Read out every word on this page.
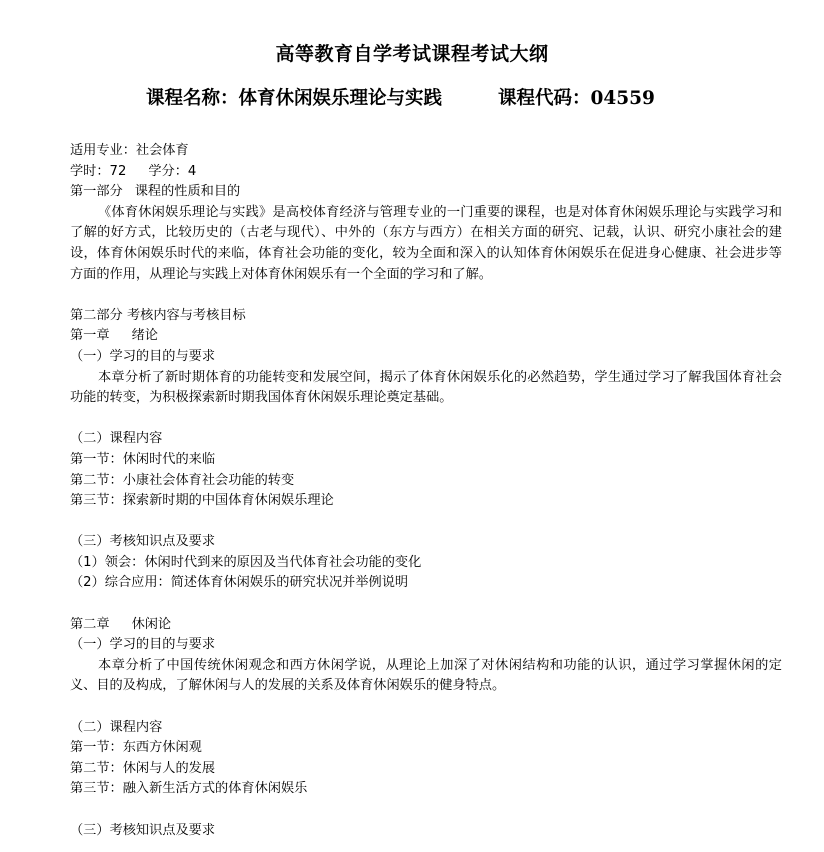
高等教育自学考试课程考试大纲
课程名称：体育休闲娱乐理论与实践	课程代码：04559
适用专业：社会体育
学时：72 学分：4
第一部分 课程的性质和目的
《体育休闲娱乐理论与实践》是高校体育经济与管理专业的一门重要的课程，也是对体育休闲娱乐理论与实践学习和了解的好方式，比较历史的（古老与现代）、中外的（东方与西方）在相关方面的研究、记载，认识、研究小康社会的建设，体育休闲娱乐时代的来临，体育社会功能的变化，较为全面和深入的认知体育休闲娱乐在促进身心健康、社会进步等方面的作用，从理论与实践上对体育休闲娱乐有一个全面的学习和了解。
第二部分 考核内容与考核目标
第一章 绪论
（一）学习的目的与要求
本章分析了新时期体育的功能转变和发展空间，揭示了体育休闲娱乐化的必然趋势，学生通过学习了解我国体育社会功能的转变，为积极探索新时期我国体育休闲娱乐理论奠定基础。
（二）课程内容
第一节：休闲时代的来临
第二节：小康社会体育社会功能的转变
第三节：探索新时期的中国体育休闲娱乐理论
（三）考核知识点及要求
（1）领会：休闲时代到来的原因及当代体育社会功能的变化
（2）综合应用：简述体育休闲娱乐的研究状况并举例说明
第二章 休闲论
（一）学习的目的与要求
本章分析了中国传统休闲观念和西方休闲学说，从理论上加深了对休闲结构和功能的认识，通过学习掌握休闲的定义、目的及构成，了解休闲与人的发展的关系及体育休闲娱乐的健身特点。
（二）课程内容
第一节：东西方休闲观
第二节：休闲与人的发展
第三节：融入新生活方式的体育休闲娱乐
（三）考核知识点及要求
